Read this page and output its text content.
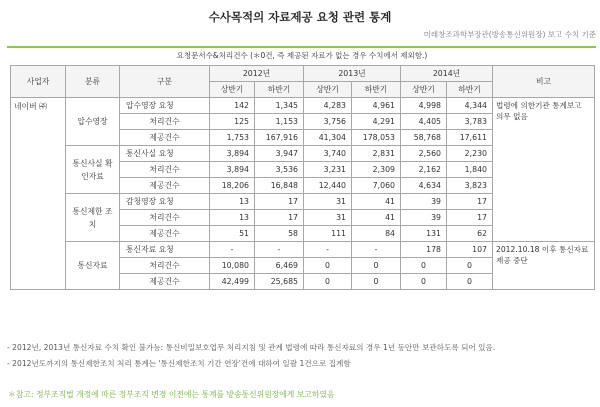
수사목적의 자료제공 요청 관련 통계
미래창조과학부장관(방송통신위원장) 보고 수치 기준
요청문서수&처리건수 (＊0건, 즉 제공된 자료가 없는 경우 수치에서 제외함.)
사업자	분류	구분	2012년		2013년		2014년		비고
			상반기	하반기	상반기	하반기	상반기	하반기	
네이버 ㈜	압수영장	압수영장 요청	142	1,345	4,283	4,961	4,998	4,344	법령에 의한기관 통계보고 의무 없음
		처리건수	125	1,153	3,756	4,291	4,405	3,783	
		제공건수	1,753	167,916	41,304	178,053	58,768	17,611	
	통신사실 확인자료	통신사실 요청	3,894	3,947	3,740	2,831	2,560	2,230	
		처리건수	3,894	3,536	3,231	2,309	2,162	1,840	
		제공건수	18,206	16,848	12,440	7,060	4,634	3,823	
	통신제한 조치	감청영장 요청	13	17	31	41	39	17	
		처리건수	13	17	31	41	39	17	
		제공건수	51	58	111	84	131	62	
	통신자료	통신자료 요청	-	-	-	-	178	107	2012.10.18 이후 통신자료 제공 중단
		처리건수	10,080	6,469	0	0	0	0	
		제공건수	42,499	25,685	0	0	0	0	
- 2012년, 2013년 통신자료 수치 확인 불가능: 통신비밀보호업무 처리지침 및 관계 법령에 따라 통신자료의 경우 1년 동안만 보관하도록 되어 있음.
- 2012년도까지의 통신제한조치 처리 통계는 '통신제한조치 기간 연장'건에 대하여 일괄 1건으로 집계함
＊참고: 정부조직법 개정에 따른 정부조직 변경 이전에는 통계를 방송통신위원장에게 보고하였음
